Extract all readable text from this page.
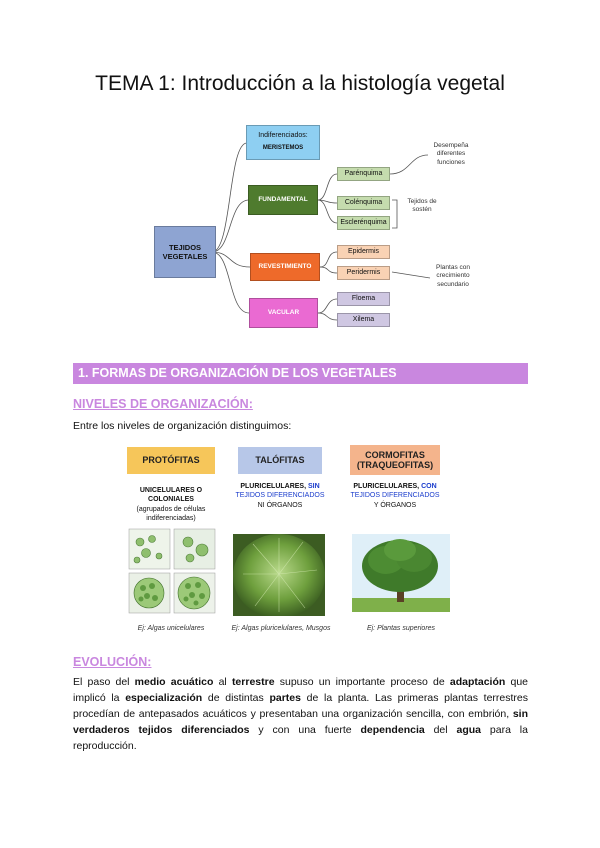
TEMA 1: Introducción a la histología vegetal
TEJIDOS VEGETALES
Indiferenciados:
MERISTEMOS
FUNDAMENTAL
REVESTIMIENTO
VACULAR
Parénquima
Colénquima
Esclerénquima
Epidermis
Peridermis
Floema
Xilema
Desempeña diferentes funciones
Tejidos de sostén
Plantas con crecimiento secundario
1. FORMAS DE ORGANIZACIÓN DE LOS VEGETALES
NIVELES DE ORGANIZACIÓN:
Entre los niveles de organización distinguimos:
PROTÓFITAS	TALÓFITAS
CORMOFITAS
(TRAQUEOFITAS)
UNICELULARES O
COLONIALES
(agrupados de células
indiferenciadas)
PLURICELULARES, SIN
TEJIDOS DIFERENCIADOS
NI ÓRGANOS
PLURICELULARES, CON
TEJIDOS DIFERENCIADOS
Y ÓRGANOS
Ej: Algas unicelulares	Ej: Algas pluricelulares, Musgos	Ej: Plantas superiores
EVOLUCIÓN:
El paso del medio acuático al terrestre supuso un importante proceso de adaptación que implicó la especialización de distintas partes de la planta. Las primeras plantas terrestres procedían de antepasados acuáticos y presentaban una organización sencilla, con embrión, sin verdaderos tejidos diferenciados y con una fuerte dependencia del agua para la reproducción.
